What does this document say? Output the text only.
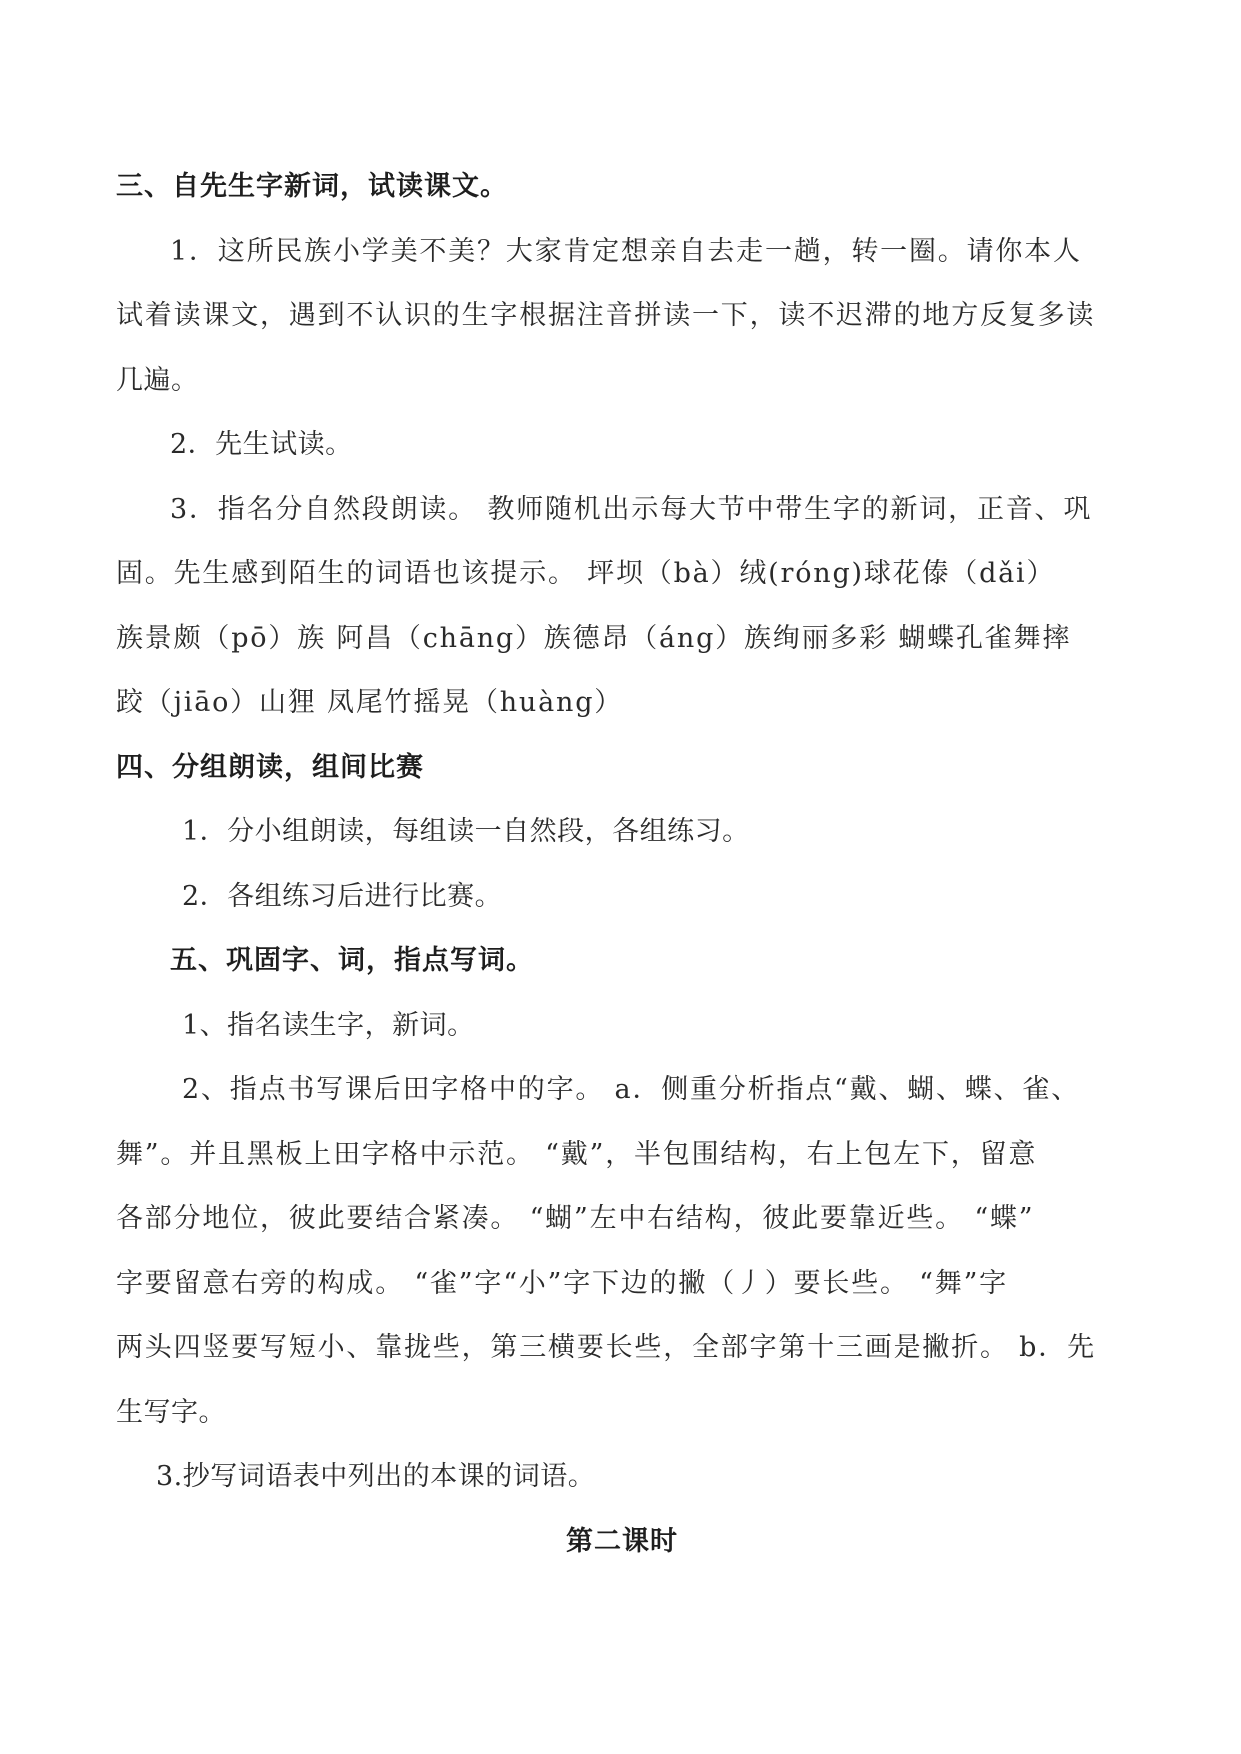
三、自先生字新词，试读课文。
1．这所民族小学美不美？大家肯定想亲自去走一趟，转一圈。请你本人
试着读课文，遇到不认识的生字根据注音拼读一下，读不迟滞的地方反复多读
几遍。
2．先生试读。
3．指名分自然段朗读。 教师随机出示每大节中带生字的新词，正音、巩
固。先生感到陌生的词语也该提示。 坪坝（bà）绒(róng)球花傣（dǎi）
族景颇（pō）族 阿昌（chāng）族德昂（áng）族绚丽多彩 蝴蝶孔雀舞摔
跤（jiāo）山狸 凤尾竹摇晃（huàng）
四、分组朗读，组间比赛
1．分小组朗读，每组读一自然段，各组练习。
2．各组练习后进行比赛。
五、巩固字、词，指点写词。
1、指名读生字，新词。
2、指点书写课后田字格中的字。 a．侧重分析指点“戴、蝴、蝶、雀、
舞”。并且黑板上田字格中示范。 “戴”，半包围结构，右上包左下，留意
各部分地位，彼此要结合紧凑。 “蝴”左中右结构，彼此要靠近些。 “蝶”
字要留意右旁的构成。 “雀”字“小”字下边的撇（丿）要长些。 “舞”字
两头四竖要写短小、靠拢些，第三横要长些，全部字第十三画是撇折。 b．先
生写字。
3.抄写词语表中列出的本课的词语。
第二课时
